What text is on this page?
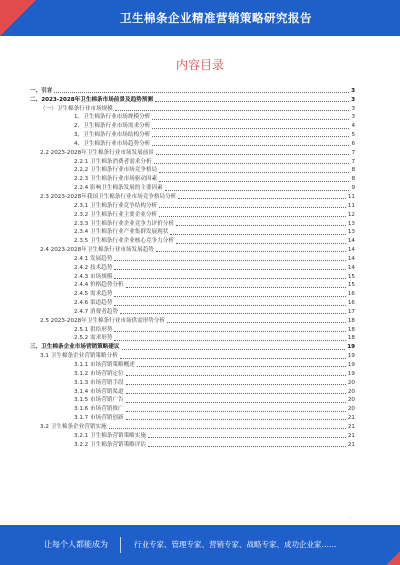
卫生棉条企业精准营销策略研究报告
内容目录
一、引言	3
二、2023-2028年卫生棉条市场前景及趋势预测	3
（一）卫生棉条行业市场规模	3
1、卫生棉条行业市场规模分析	3
2、卫生棉条行业市场需求分析	4
3、卫生棉条行业市场结构分析	5
4、卫生棉条行业市场趋势分析	6
2.2 2023-2028年卫生棉条行业市场发展前景	7
2.2.1 卫生棉条消费者需求分析	7
2.2.2 卫生棉条行业市场竞争格局	8
2.2.3 卫生棉条行业市场驱动因素	8
2.2.4 影响卫生棉条发展的主要因素	9
2.3 2023-2028年我国卫生棉条行业市场竞争格局分析	11
2.3.1 卫生棉条行业竞争结构分析	11
2.3.2 卫生棉条行业主要企业分析	12
2.3.3 卫生棉条行业企业竞争力评价分析	13
2.3.4 卫生棉条行业产业集群发展现状	13
2.3.5 卫生棉条行业企业核心竞争力分析	14
2.4 2023-2028年卫生棉条行业市场发展趋势	14
2.4.1 发展趋势	14
2.4.2 技术趋势	14
2.4.3 市场规模	15
2.4.4 价格趋势分析	15
2.4.5 需求趋势	16
2.4.6 渠道趋势	16
2.4.7 消费者趋势	17
2.5 2023-2028年卫生棉条行业市场供需形势分析	18
2.5.1 供给形势	18
2.5.2 需求形势	18
三、卫生棉条企业市场营销策略建议	19
3.1 卫生棉条企业营销策略分析	19
3.1.1 市场营销策略概述	19
3.1.2 市场营销定位	19
3.1.3 市场营销手段	20
3.1.4 市场营销渠道	20
3.1.5 市场营销广告	20
3.1.6 市场营销推广	20
3.1.7 市场营销创新	21
3.2 卫生棉条企业营销实施	21
3.2.1 卫生棉条营销策略实施	21
3.2.2 卫生棉条营销策略评估	21
.
让每个人都能成为	行业专家、管理专家、营销专家、战略专家、成功企业家……
